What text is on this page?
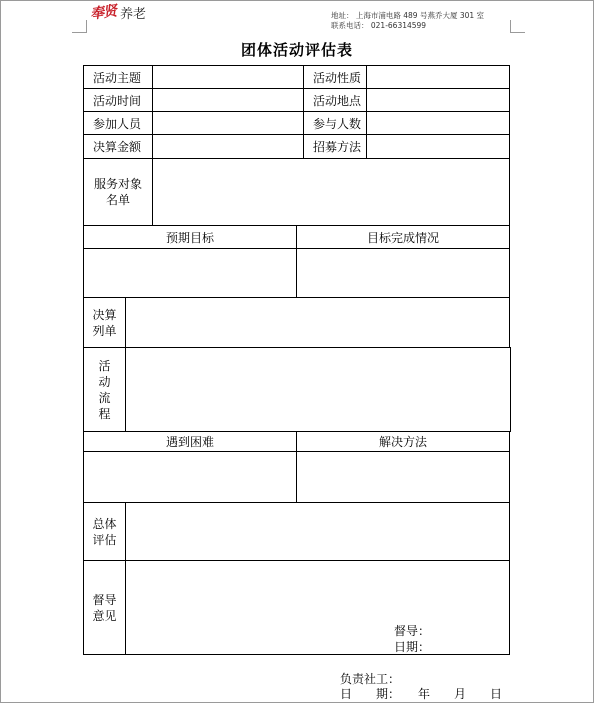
奉贤 养老	地址： 上海市浦电路 489 号燕乔大厦 301 室
联系电话： 021-66314599
团体活动评估表
活动主题	活动性质
活动时间	活动地点
参加人员	参与人数
决算金额	招募方法
服务对象
名单
预期目标	目标完成情况
决算
列单
活
动
流
程
遇到困难	解决方法
总体
评估
督导
意见
督导：
日期：
负责社工：
日　　期：　　年　　月　　日
